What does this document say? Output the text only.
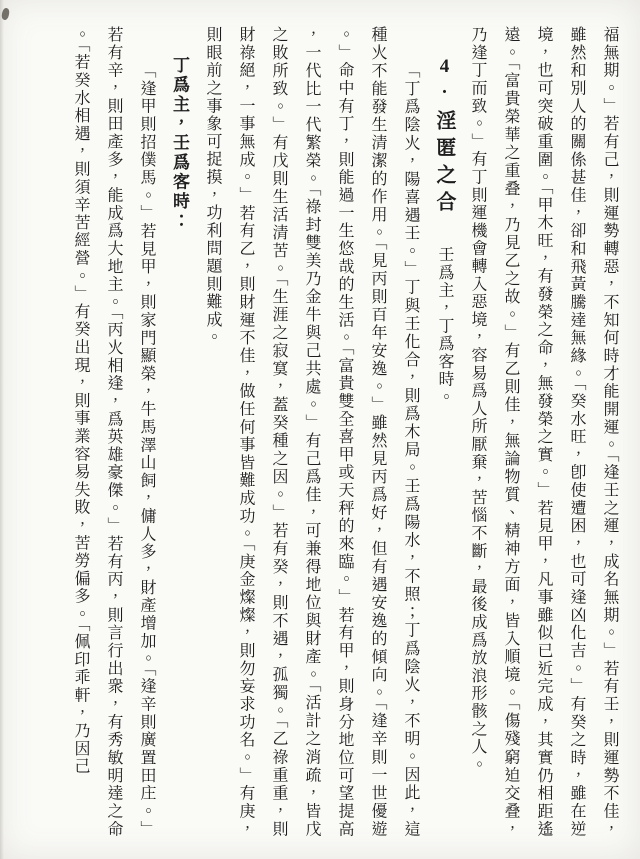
福無期。」若有己，則運勢轉惡，不知何時才能開運。「逢壬之運，成名無期。」若有壬，則運勢不佳，雖然和別人的關係甚佳，卻和飛黃騰達無緣。「癸水旺，卽使遭困，也可逢凶化吉。」有癸之時，雖在逆境，也可突破重圍。「甲木旺，有發榮之命，無發榮之實。」若見甲，凡事雖似已近完成，其實仍相距遙遠。「富貴榮華之重叠，乃見乙之故。」有乙則佳，無論物質、精神方面，皆入順境。「傷殘窮迫交叠，乃逢丁而致。」有丁則運機會轉入惡境，容易爲人所厭棄，苦惱不斷，最後成爲放浪形骸之人。

4.淫匿之合壬爲主，丁爲客時。

「丁爲陰火，陽喜遇壬。」丁與壬化合，則爲木局。壬爲陽水，不照；丁爲陰火，不明。因此，這種火不能發生清潔的作用。「見丙則百年安逸。」雖然見丙爲好，但有遇安逸的傾向。「逢辛則一世優遊。」命中有丁，則能過一生悠哉的生活。「富貴雙全喜甲或天秤的來臨。」若有甲，則身分地位可望提高，一代比一代繁榮。「祿封雙美乃金牛與己共處。」有己爲佳，可兼得地位與財產。「活計之消疏，皆戊之敗所致。」有戊則生活清苦。「生涯之寂寞，蓋癸種之因。」若有癸，則不遇，孤獨。「乙祿重重，則財祿絕，一事無成。」若有乙，則財運不佳，做任何事皆難成功。「庚金燦燦，則勿妄求功名。」有庚，則眼前之事象可捉摸，功利問題則難成。

丁爲主，壬爲客時：

「逢甲則招僕馬。」若見甲，則家門顯榮，牛馬澤山飼，傭人多，財產增加。「逢辛則廣置田庄。」若有辛，則田產多，能成爲大地主。「丙火相逢，爲英雄豪傑。」若有丙，則言行出衆，有秀敏明達之命。「若癸水相遇，則須辛苦經營。」有癸出現，則事業容易失敗，苦勞偏多。「佩印乖軒，乃因己
